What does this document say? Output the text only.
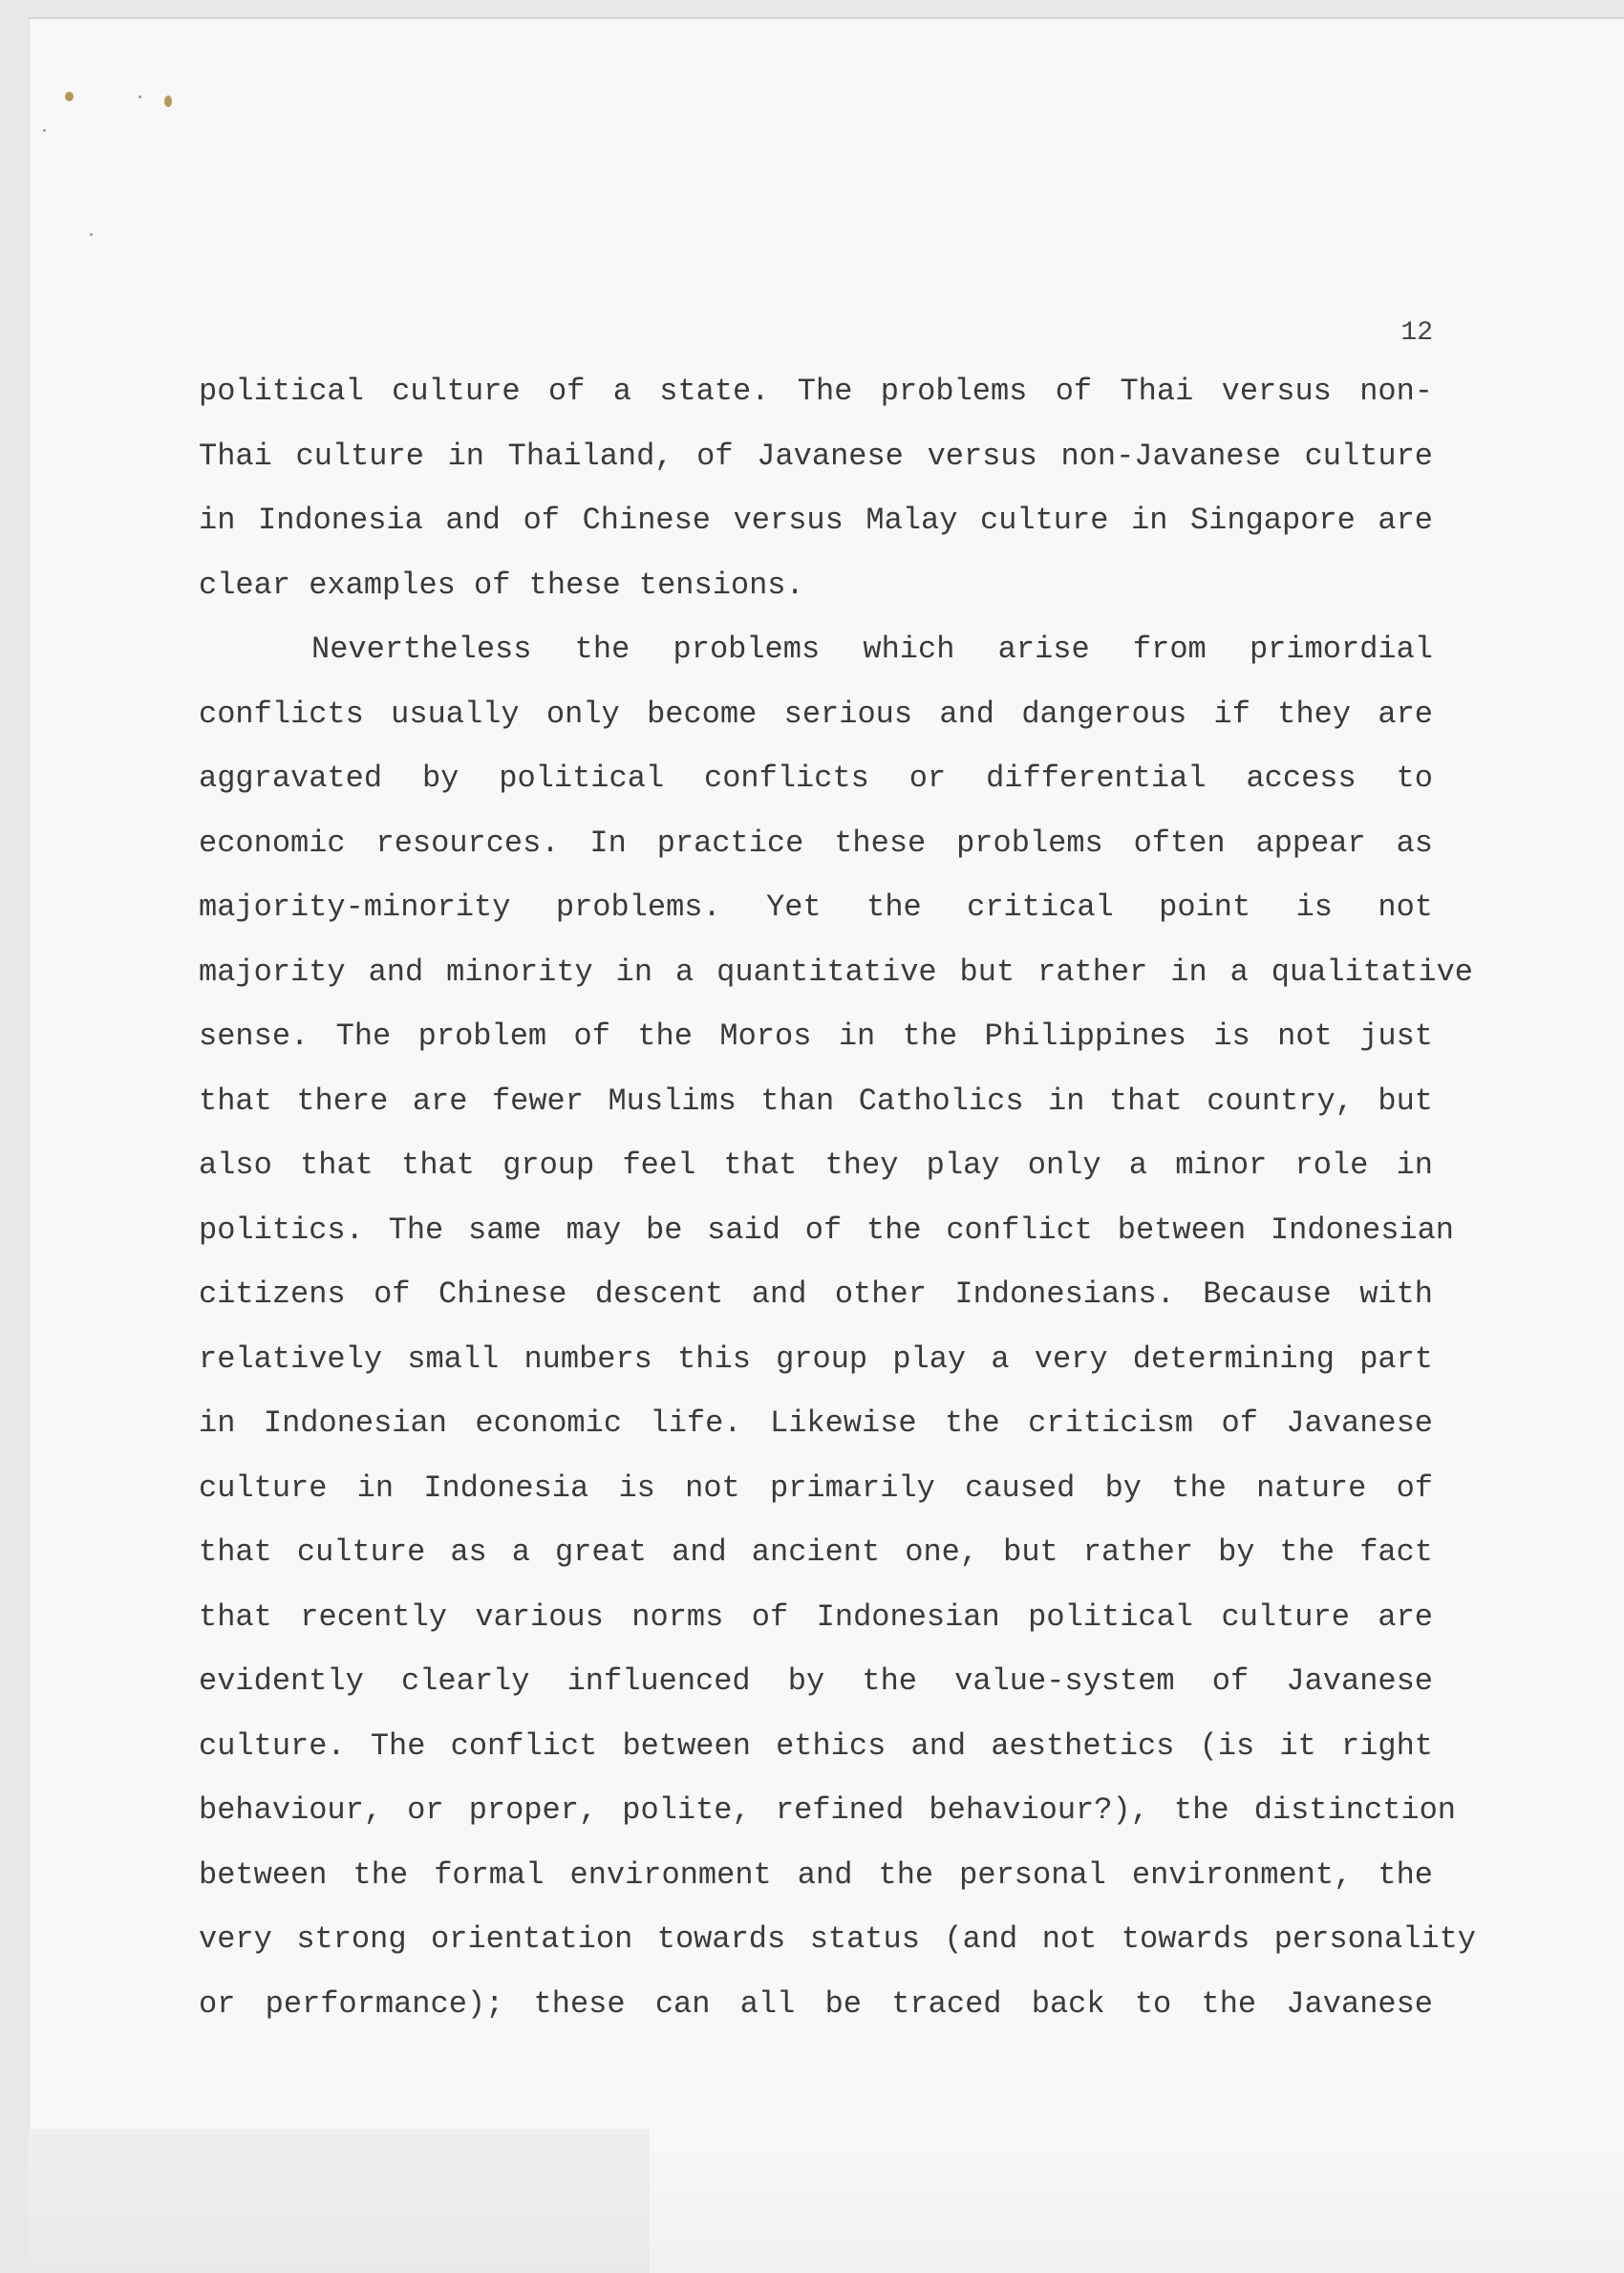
12
political culture of a state. The problems of Thai versus non-
Thai culture in Thailand, of Javanese versus non-Javanese culture
in Indonesia and of Chinese versus Malay culture in Singapore are
clear examples of these tensions.
Nevertheless the problems which arise from primordial
conflicts usually only become serious and dangerous if they are
aggravated by political conflicts or differential access to
economic resources. In practice these problems often appear as
majority-minority problems. Yet the critical point is not
majority and minority in a quantitative but rather in a qualitative
sense. The problem of the Moros in the Philippines is not just
that there are fewer Muslims than Catholics in that country, but
also that that group feel that they play only a minor role in
politics. The same may be said of the conflict between Indonesian
citizens of Chinese descent and other Indonesians. Because with
relatively small numbers this group play a very determining part
in Indonesian economic life. Likewise the criticism of Javanese
culture in Indonesia is not primarily caused by the nature of
that culture as a great and ancient one, but rather by the fact
that recently various norms of Indonesian political culture are
evidently clearly influenced by the value-system of Javanese
culture. The conflict between ethics and aesthetics (is it right
behaviour, or proper, polite, refined behaviour?), the distinction
between the formal environment and the personal environment, the
very strong orientation towards status (and not towards personality
or performance); these can all be traced back to the Javanese
